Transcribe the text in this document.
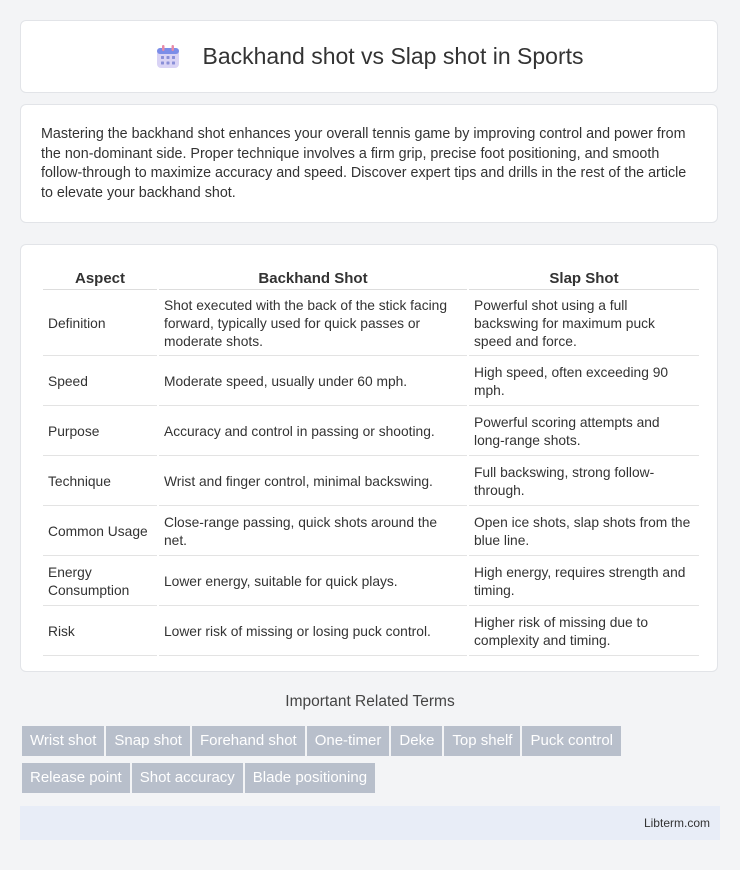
Backhand shot vs Slap shot in Sports

Mastering the backhand shot enhances your overall tennis game by improving control and power from the non-dominant side. Proper technique involves a firm grip, precise foot positioning, and smooth follow-through to maximize accuracy and speed. Discover expert tips and drills in the rest of the article to elevate your backhand shot.

Aspect	Backhand Shot	Slap Shot
Definition	Shot executed with the back of the stick facing forward, typically used for quick passes or moderate shots.	Powerful shot using a full backswing for maximum puck speed and force.
Speed	Moderate speed, usually under 60 mph.	High speed, often exceeding 90 mph.
Purpose	Accuracy and control in passing or shooting.	Powerful scoring attempts and long-range shots.
Technique	Wrist and finger control, minimal backswing.	Full backswing, strong follow-through.
Common Usage	Close-range passing, quick shots around the net.	Open ice shots, slap shots from the blue line.
Energy Consumption	Lower energy, suitable for quick plays.	High energy, requires strength and timing.
Risk	Lower risk of missing or losing puck control.	Higher risk of missing due to complexity and timing.
Important Related Terms
Wrist shot Snap shot Forehand shot One-timer Deke Top shelf Puck controlRelease point Shot accuracy Blade positioning
Libterm.com
